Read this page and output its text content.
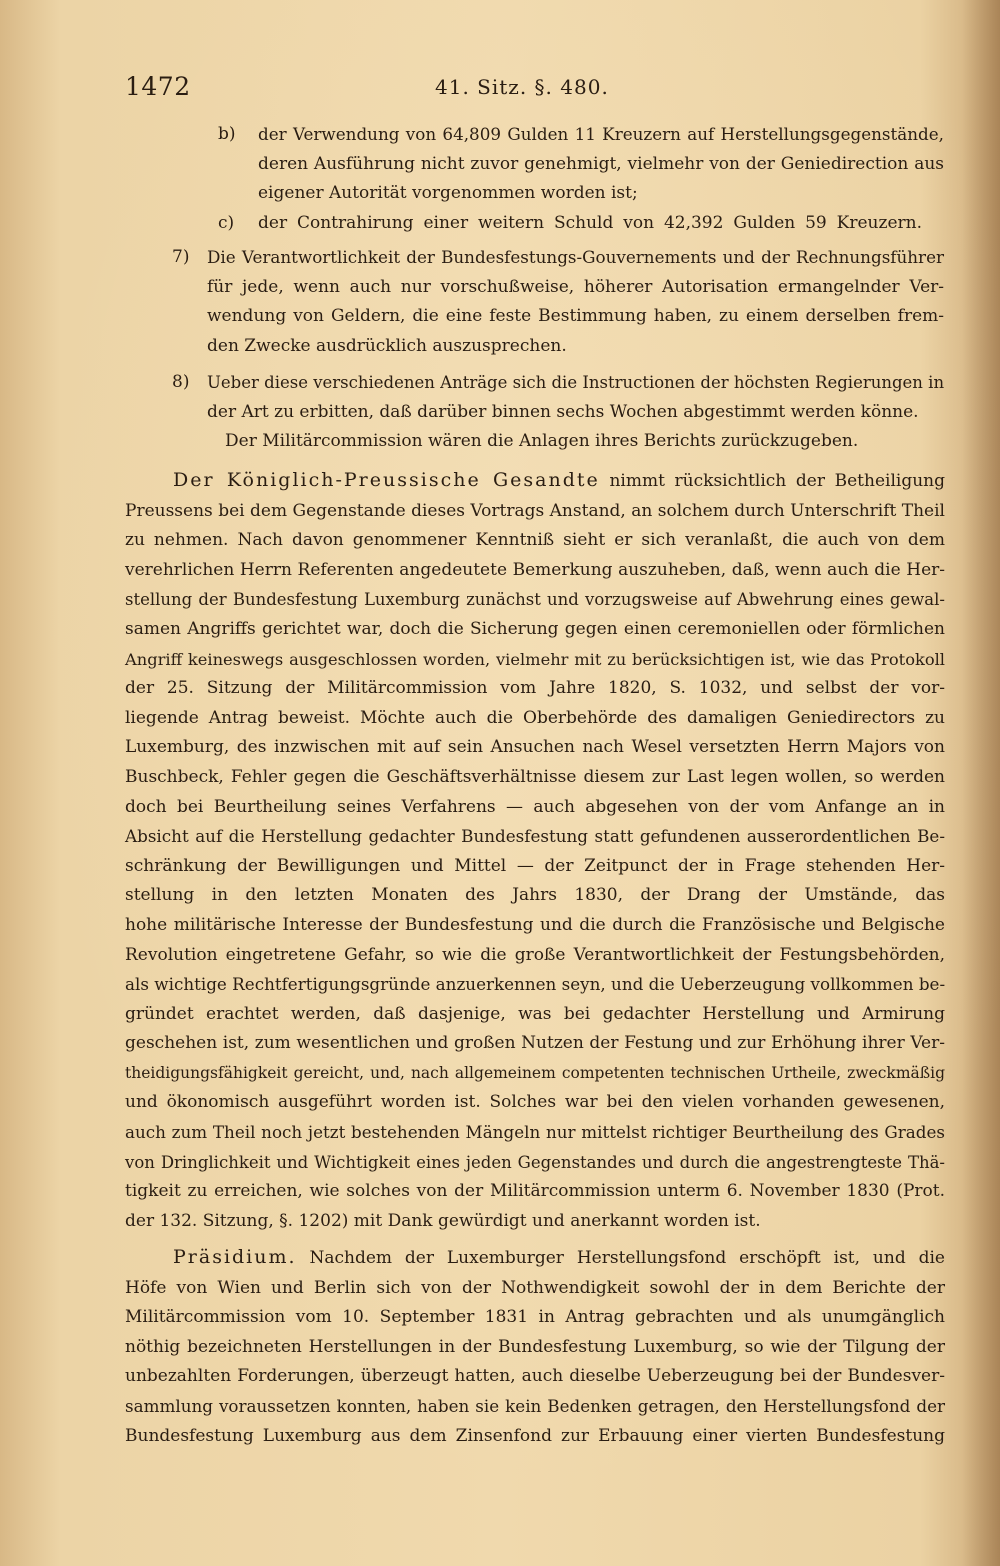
1472	41. Sitz. §. 480.
b) der Verwendung von 64,809 Gulden 11 Kreuzern auf Herstellungsgegenstände,
deren Ausführung nicht zuvor genehmigt, vielmehr von der Geniedirection aus
eigener Autorität vorgenommen worden ist;
c) der Contrahirung einer weitern Schuld von 42,392 Gulden 59 Kreuzern.
7) Die Verantwortlichkeit der Bundesfestungs-Gouvernements und der Rechnungsführer
für jede, wenn auch nur vorschußweise, höherer Autorisation ermangelnder Ver-
wendung von Geldern, die eine feste Bestimmung haben, zu einem derselben frem-
den Zwecke ausdrücklich auszusprechen.
8) Ueber diese verschiedenen Anträge sich die Instructionen der höchsten Regierungen in
der Art zu erbitten, daß darüber binnen sechs Wochen abgestimmt werden könne.
Der Militärcommission wären die Anlagen ihres Berichts zurückzugeben.
Der Königlich-Preussische Gesandte nimmt rücksichtlich der Betheiligung
Preussens bei dem Gegenstande dieses Vortrags Anstand, an solchem durch Unterschrift Theil
zu nehmen. Nach davon genommener Kenntniß sieht er sich veranlaßt, die auch von dem
verehrlichen Herrn Referenten angedeutete Bemerkung auszuheben, daß, wenn auch die Her-
stellung der Bundesfestung Luxemburg zunächst und vorzugsweise auf Abwehrung eines gewal-
samen Angriffs gerichtet war, doch die Sicherung gegen einen ceremoniellen oder förmlichen
Angriff keineswegs ausgeschlossen worden, vielmehr mit zu berücksichtigen ist, wie das Protokoll
der 25. Sitzung der Militärcommission vom Jahre 1820, S. 1032, und selbst der vor-
liegende Antrag beweist. Möchte auch die Oberbehörde des damaligen Geniedirectors zu
Luxemburg, des inzwischen mit auf sein Ansuchen nach Wesel versetzten Herrn Majors von
Buschbeck, Fehler gegen die Geschäftsverhältnisse diesem zur Last legen wollen, so werden
doch bei Beurtheilung seines Verfahrens — auch abgesehen von der vom Anfange an in
Absicht auf die Herstellung gedachter Bundesfestung statt gefundenen ausserordentlichen Be-
schränkung der Bewilligungen und Mittel — der Zeitpunct der in Frage stehenden Her-
stellung in den letzten Monaten des Jahrs 1830, der Drang der Umstände, das
hohe militärische Interesse der Bundesfestung und die durch die Französische und Belgische
Revolution eingetretene Gefahr, so wie die große Verantwortlichkeit der Festungsbehörden,
als wichtige Rechtfertigungsgründe anzuerkennen seyn, und die Ueberzeugung vollkommen be-
gründet erachtet werden, daß dasjenige, was bei gedachter Herstellung und Armirung
geschehen ist, zum wesentlichen und großen Nutzen der Festung und zur Erhöhung ihrer Ver-
theidigungsfähigkeit gereicht, und, nach allgemeinem competenten technischen Urtheile, zweckmäßig
und ökonomisch ausgeführt worden ist. Solches war bei den vielen vorhanden gewesenen,
auch zum Theil noch jetzt bestehenden Mängeln nur mittelst richtiger Beurtheilung des Grades
von Dringlichkeit und Wichtigkeit eines jeden Gegenstandes und durch die angestrengteste Thä-
tigkeit zu erreichen, wie solches von der Militärcommission unterm 6. November 1830 (Prot.
der 132. Sitzung, §. 1202) mit Dank gewürdigt und anerkannt worden ist.
Präsidium. Nachdem der Luxemburger Herstellungsfond erschöpft ist, und die
Höfe von Wien und Berlin sich von der Nothwendigkeit sowohl der in dem Berichte der
Militärcommission vom 10. September 1831 in Antrag gebrachten und als unumgänglich
nöthig bezeichneten Herstellungen in der Bundesfestung Luxemburg, so wie der Tilgung der
unbezahlten Forderungen, überzeugt hatten, auch dieselbe Ueberzeugung bei der Bundesver-
sammlung voraussetzen konnten, haben sie kein Bedenken getragen, den Herstellungsfond der
Bundesfestung Luxemburg aus dem Zinsenfond zur Erbauung einer vierten Bundesfestung
